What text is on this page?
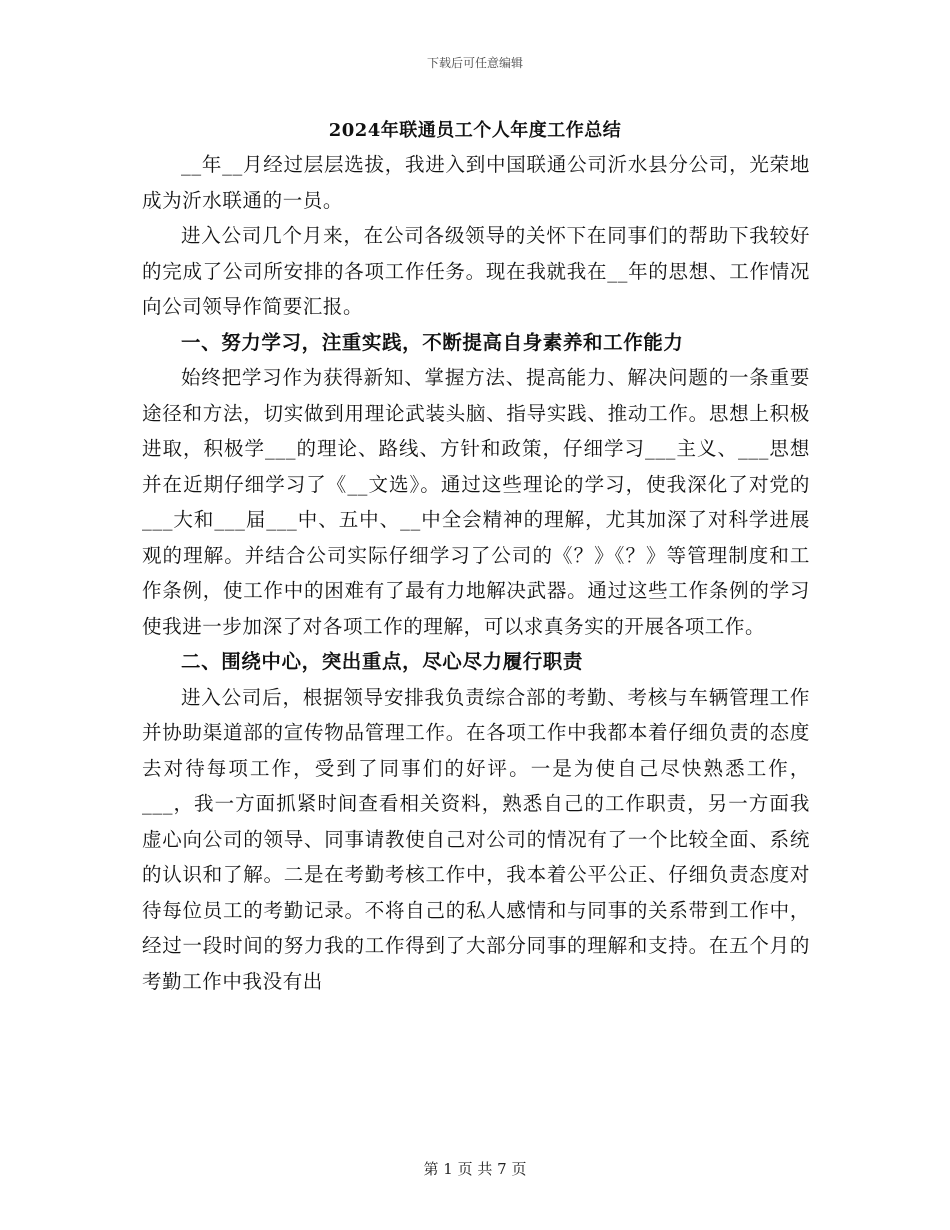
下载后可任意编辑
2024年联通员工个人年度工作总结

__年__月经过层层选拔，我进入到中国联通公司沂水县分公司，光荣地成为沂水联通的一员。

进入公司几个月来，在公司各级领导的关怀下在同事们的帮助下我较好的完成了公司所安排的各项工作任务。现在我就我在__年的思想、工作情况向公司领导作简要汇报。

一、努力学习，注重实践，不断提高自身素养和工作能力

始终把学习作为获得新知、掌握方法、提高能力、解决问题的一条重要途径和方法，切实做到用理论武装头脑、指导实践、推动工作。思想上积极进取，积极学___的理论、路线、方针和政策，仔细学习___主义、___思想并在近期仔细学习了《__文选》。通过这些理论的学习，使我深化了对党的___大和___届___中、五中、__中全会精神的理解，尤其加深了对科学进展观的理解。并结合公司实际仔细学习了公司的《？》《？》等管理制度和工作条例，使工作中的困难有了最有力地解决武器。通过这些工作条例的学习使我进一步加深了对各项工作的理解，可以求真务实的开展各项工作。

二、围绕中心，突出重点，尽心尽力履行职责

进入公司后，根据领导安排我负责综合部的考勤、考核与车辆管理工作并协助渠道部的宣传物品管理工作。在各项工作中我都本着仔细负责的态度去对待每项工作，受到了同事们的好评。一是为使自己尽快熟悉工作，___，我一方面抓紧时间查看相关资料，熟悉自己的工作职责，另一方面我虚心向公司的领导、同事请教使自己对公司的情况有了一个比较全面、系统的认识和了解。二是在考勤考核工作中，我本着公平公正、仔细负责态度对待每位员工的考勤记录。不将自己的私人感情和与同事的关系带到工作中，经过一段时间的努力我的工作得到了大部分同事的理解和支持。在五个月的考勤工作中我没有出

第 1 页 共 7 页
